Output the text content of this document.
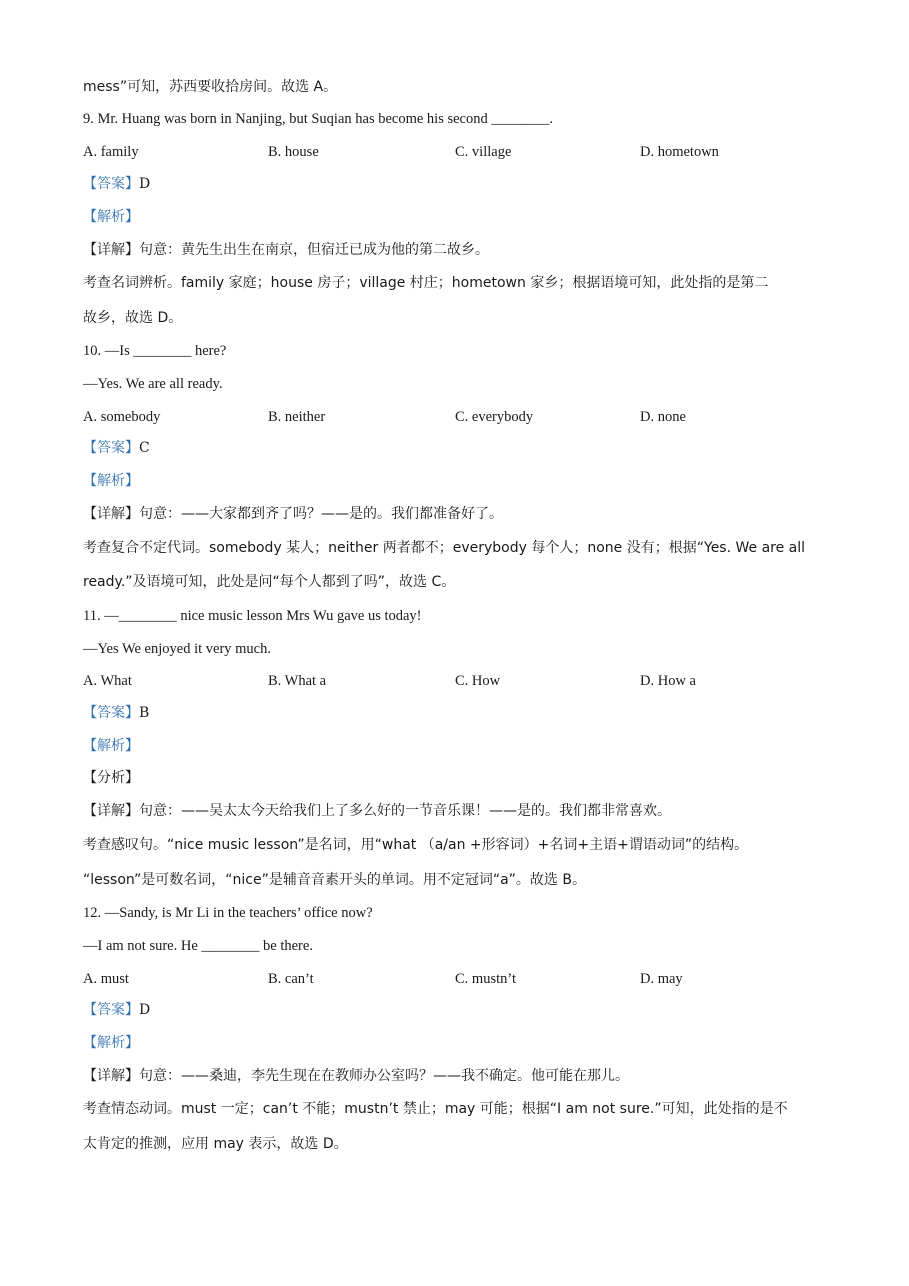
mess”可知，苏西要收拾房间。故选 A。
9. Mr. Huang was born in Nanjing, but Suqian has become his second ________.
A. family	B. house	C. village	D. hometown
【答案】D
【解析】
【详解】句意：黄先生出生在南京，但宿迁已成为他的第二故乡。
考查名词辨析。family 家庭；house 房子；village 村庄；hometown 家乡；根据语境可知，此处指的是第二
故乡，故选 D。
10. —Is ________ here?
—Yes. We are all ready.
A. somebody	B. neither	C. everybody	D. none
【答案】C
【解析】
【详解】句意：——大家都到齐了吗？——是的。我们都准备好了。
考查复合不定代词。somebody 某人；neither 两者都不；everybody 每个人；none 没有；根据“Yes. We are all
ready.”及语境可知，此处是问“每个人都到了吗”，故选 C。
11. —________ nice music lesson Mrs Wu gave us today!
—Yes We enjoyed it very much.
A. What	B. What a	C. How	D. How a
【答案】B
【解析】
【分析】
【详解】句意：——吴太太今天给我们上了多么好的一节音乐课！——是的。我们都非常喜欢。
考查感叹句。“nice music lesson”是名词，用“what （a/an +形容词）+名词+主语+谓语动词”的结构。
“lesson”是可数名词，“nice”是辅音音素开头的单词。用不定冠词“a”。故选 B。
12. —Sandy, is Mr Li in the teachers’ office now?
—I am not sure. He ________ be there.
A. must	B. can’t	C. mustn’t	D. may
【答案】D
【解析】
【详解】句意：——桑迪，李先生现在在教师办公室吗？——我不确定。他可能在那儿。
考查情态动词。must 一定；can’t 不能；mustn’t 禁止；may 可能；根据“I am not sure.”可知，此处指的是不
太肯定的推测，应用 may 表示，故选 D。
